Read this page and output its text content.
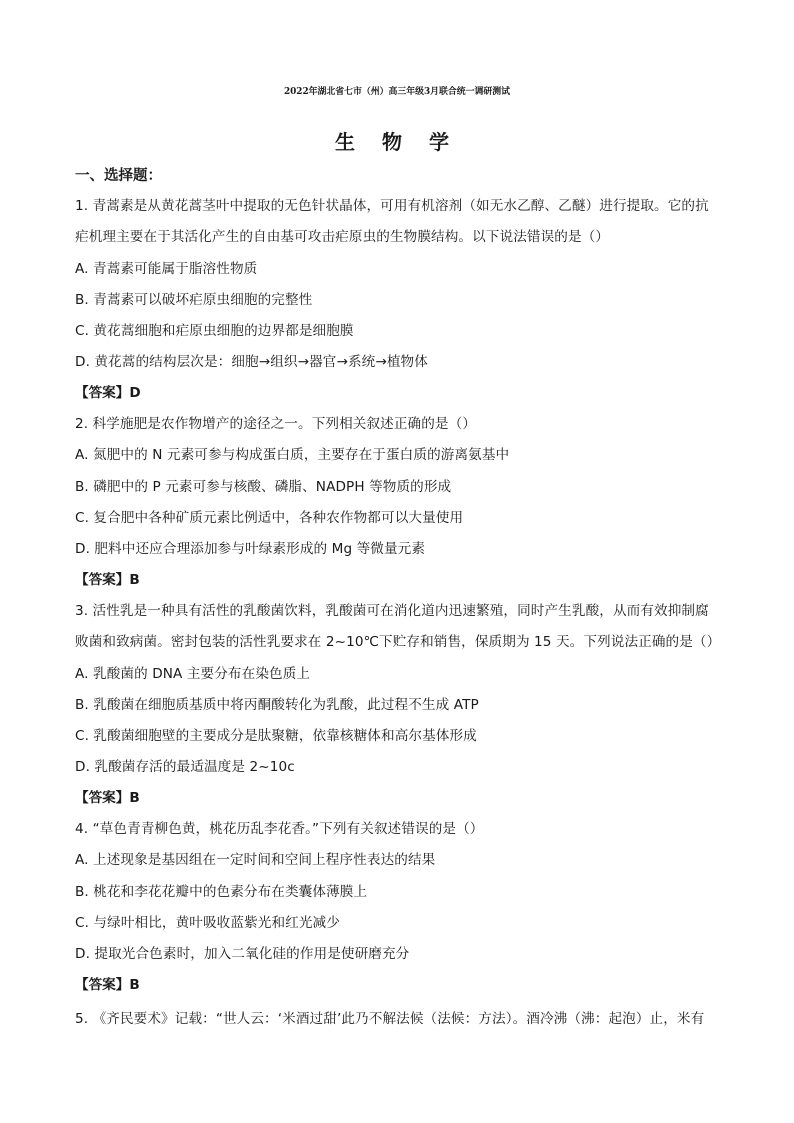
2022年湖北省七市（州）高三年级3月联合统一调研测试
生 物 学
一、选择题：
1. 青蒿素是从黄花蒿茎叶中提取的无色针状晶体，可用有机溶剂（如无水乙醇、乙醚）进行提取。它的抗
疟机理主要在于其活化产生的自由基可攻击疟原虫的生物膜结构。以下说法错误的是（）
A. 青蒿素可能属于脂溶性物质
B. 青蒿素可以破坏疟原虫细胞的完整性
C. 黄花蒿细胞和疟原虫细胞的边界都是细胞膜
D. 黄花蒿的结构层次是：细胞→组织→器官→系统→植物体
【答案】D
2. 科学施肥是农作物增产的途径之一。下列相关叙述正确的是（）
A. 氮肥中的 N 元素可参与构成蛋白质，主要存在于蛋白质的游离氨基中
B. 磷肥中的 P 元素可参与核酸、磷脂、NADPH 等物质的形成
C. 复合肥中各种矿质元素比例适中，各种农作物都可以大量使用
D. 肥料中还应合理添加参与叶绿素形成的 Mg 等微量元素
【答案】B
3. 活性乳是一种具有活性的乳酸菌饮料，乳酸菌可在消化道内迅速繁殖，同时产生乳酸，从而有效抑制腐
败菌和致病菌。密封包装的活性乳要求在 2~10℃下贮存和销售，保质期为 15 天。下列说法正确的是（）
A. 乳酸菌的 DNA 主要分布在染色质上
B. 乳酸菌在细胞质基质中将丙酮酸转化为乳酸，此过程不生成 ATP
C. 乳酸菌细胞壁的主要成分是肽聚糖，依靠核糖体和高尔基体形成
D. 乳酸菌存活的最适温度是 2~10c
【答案】B
4. “草色青青柳色黄，桃花历乱李花香。”下列有关叙述错误的是（）
A. 上述现象是基因组在一定时间和空间上程序性表达的结果
B. 桃花和李花花瓣中的色素分布在类囊体薄膜上
C. 与绿叶相比，黄叶吸收蓝紫光和红光减少
D. 提取光合色素时，加入二氧化硅的作用是使研磨充分
【答案】B
5. 《齐民要术》记载：“世人云：‘米酒过甜’此乃不解法候（法候：方法）。酒冷沸（沸：起泡）止，米有
